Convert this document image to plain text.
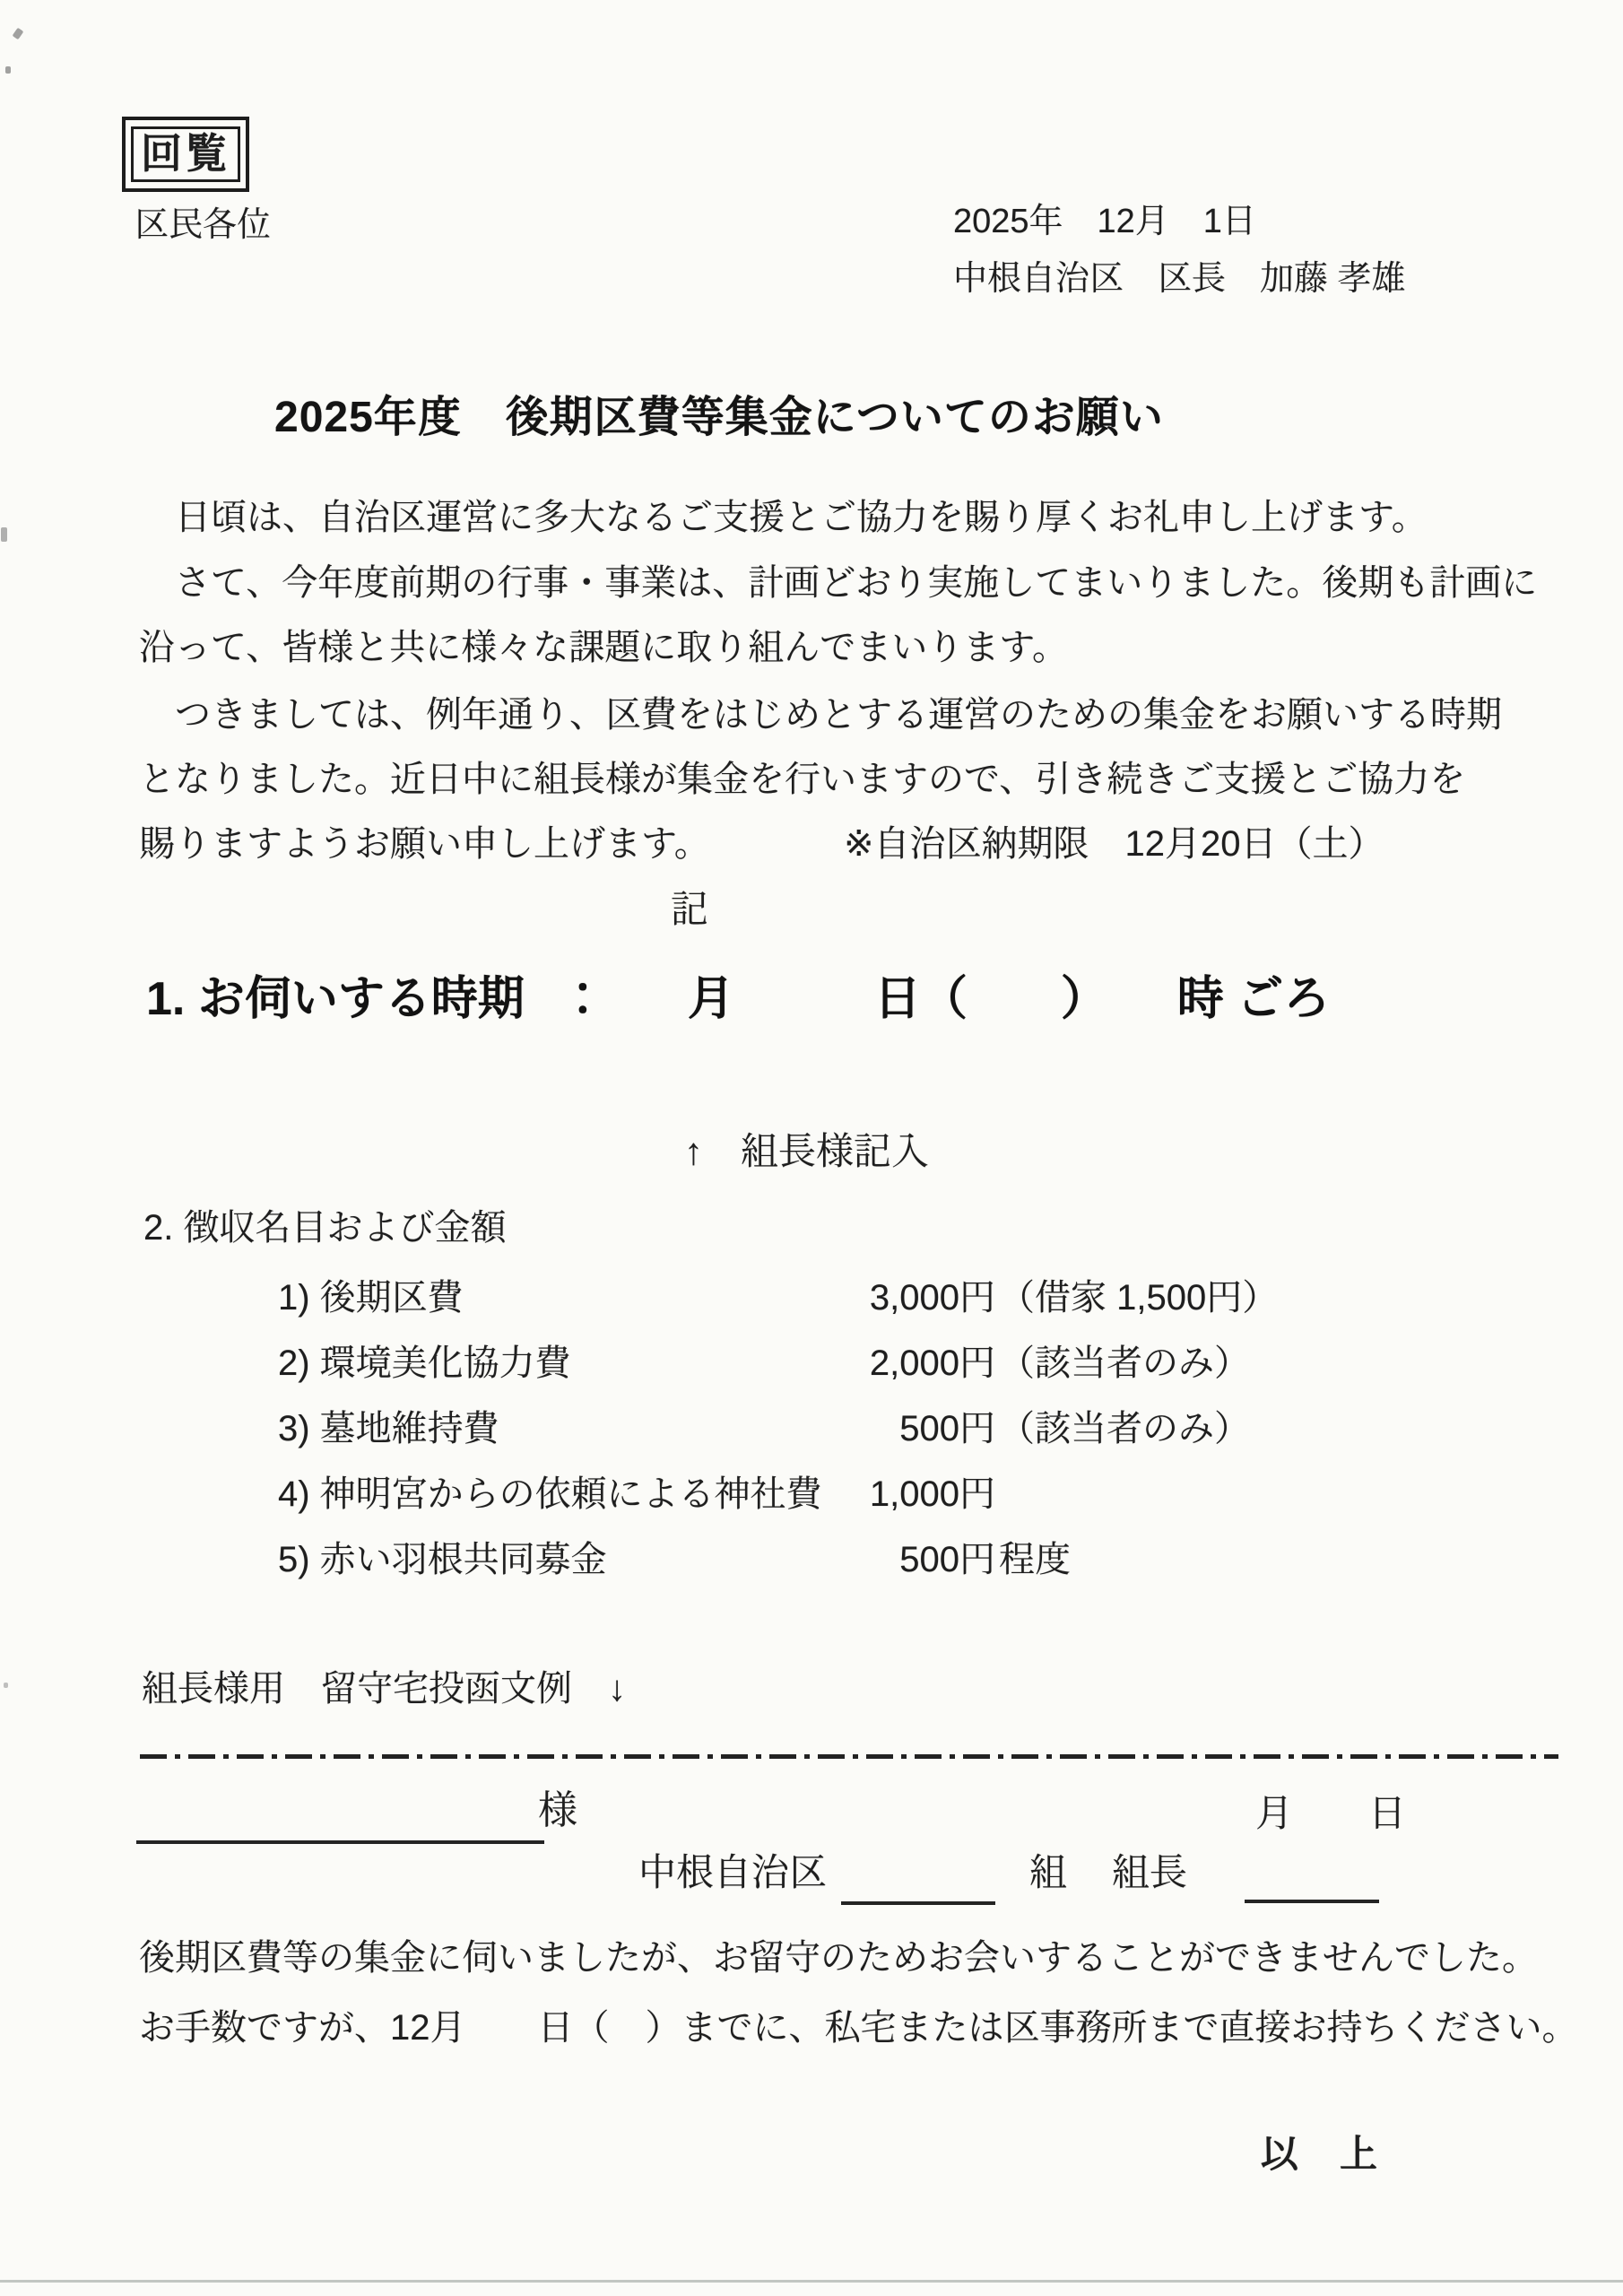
回覧
区民各位	2025年　12月　1日
中根自治区　区長　加藤 孝雄
2025年度　後期区費等集金についてのお願い
　日頃は、自治区運営に多大なるご支援とご協力を賜り厚くお礼申し上げます。
　さて、今年度前期の行事・事業は、計画どおり実施してまいりました。後期も計画に
沿って、皆様と共に様々な課題に取り組んでまいります。
　つきましては、例年通り、区費をはじめとする運営のための集金をお願いする時期
となりました。近日中に組長様が集金を行いますので、引き続きご支援とご協力を
賜りますようお願い申し上げます。	※自治区納期限　12月20日（土）
記
1. お伺いする時期　：　　月　　　日（　　）　　時 ごろ
↑　組長様記入
2. 徴収名目および金額
1) 後期区費	3,000円 （借家 1,500円）
2) 環境美化協力費	2,000円 （該当者のみ）
3) 墓地維持費	500円 （該当者のみ）
4) 神明宮からの依頼による神社費	1,000円
5) 赤い羽根共同募金	500円 程度
組長様用　留守宅投函文例　↓
様	月　　日
中根自治区	組 組長
後期区費等の集金に伺いましたが、お留守のためお会いすることができませんでした。
お手数ですが、12月　　日（　）までに、私宅または区事務所まで直接お持ちください。
以　上
